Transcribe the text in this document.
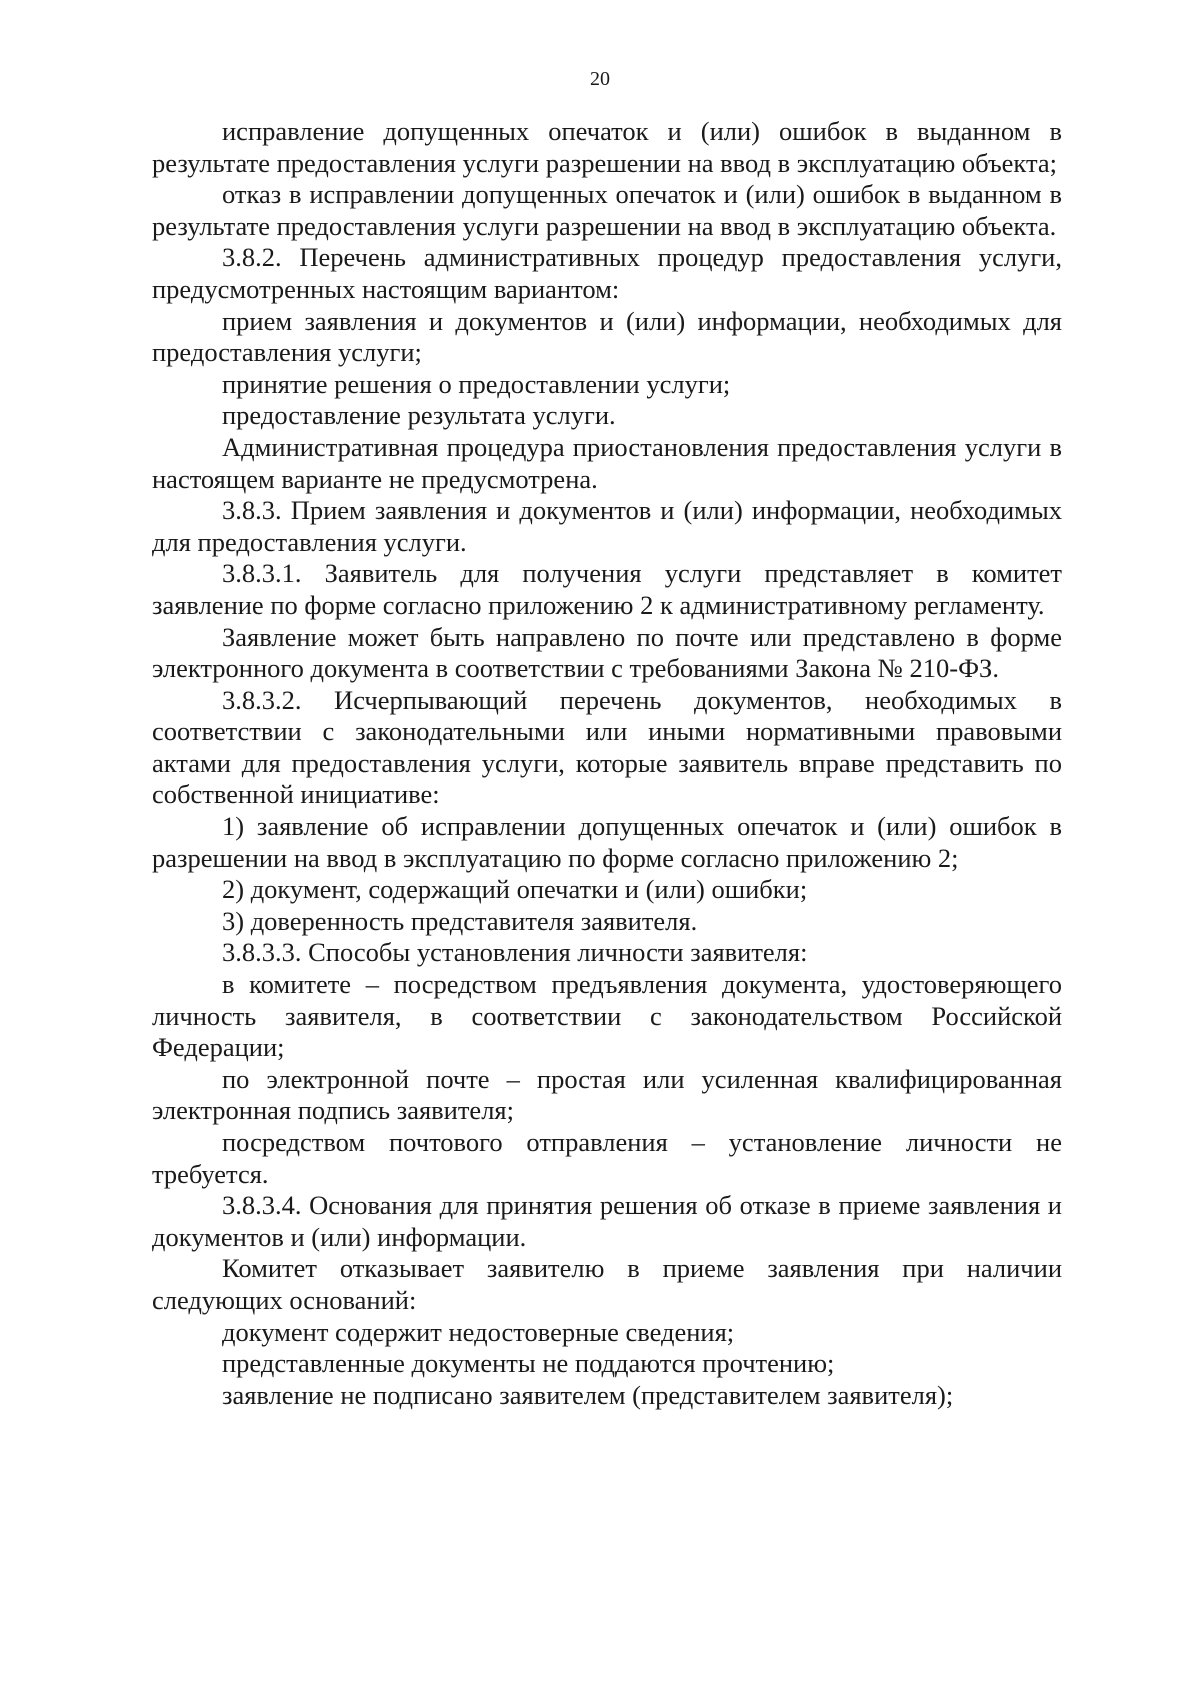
20

исправление допущенных опечаток и (или) ошибок в выданном в результате предоставления услуги разрешении на ввод в эксплуатацию объекта;

отказ в исправлении допущенных опечаток и (или) ошибок в выданном в результате предоставления услуги разрешении на ввод в эксплуатацию объекта.

3.8.2. Перечень административных процедур предоставления услуги, предусмотренных настоящим вариантом:

прием заявления и документов и (или) информации, необходимых для предоставления услуги;

принятие решения о предоставлении услуги;

предоставление результата услуги.

Административная процедура приостановления предоставления услуги в настоящем варианте не предусмотрена.

3.8.3. Прием заявления и документов и (или) информации, необходимых для предоставления услуги.

3.8.3.1. Заявитель для получения услуги представляет в комитет заявление по форме согласно приложению 2 к административному регламенту.

Заявление может быть направлено по почте или представлено в форме электронного документа в соответствии с требованиями Закона № 210-ФЗ.

3.8.3.2. Исчерпывающий перечень документов, необходимых в соответствии с законодательными или иными нормативными правовыми актами для предоставления услуги, которые заявитель вправе представить по собственной инициативе:

1) заявление об исправлении допущенных опечаток и (или) ошибок в разрешении на ввод в эксплуатацию по форме согласно приложению 2;

2) документ, содержащий опечатки и (или) ошибки;

3) доверенность представителя заявителя.

3.8.3.3. Способы установления личности заявителя:

в комитете – посредством предъявления документа, удостоверяющего личность заявителя, в соответствии с законодательством Российской Федерации;

по электронной почте – простая или усиленная квалифицированная электронная подпись заявителя;

посредством почтового отправления – установление личности не требуется.

3.8.3.4. Основания для принятия решения об отказе в приеме заявления и документов и (или) информации.

Комитет отказывает заявителю в приеме заявления при наличии следующих оснований:

документ содержит недостоверные сведения;

представленные документы не поддаются прочтению;

заявление не подписано заявителем (представителем заявителя);
